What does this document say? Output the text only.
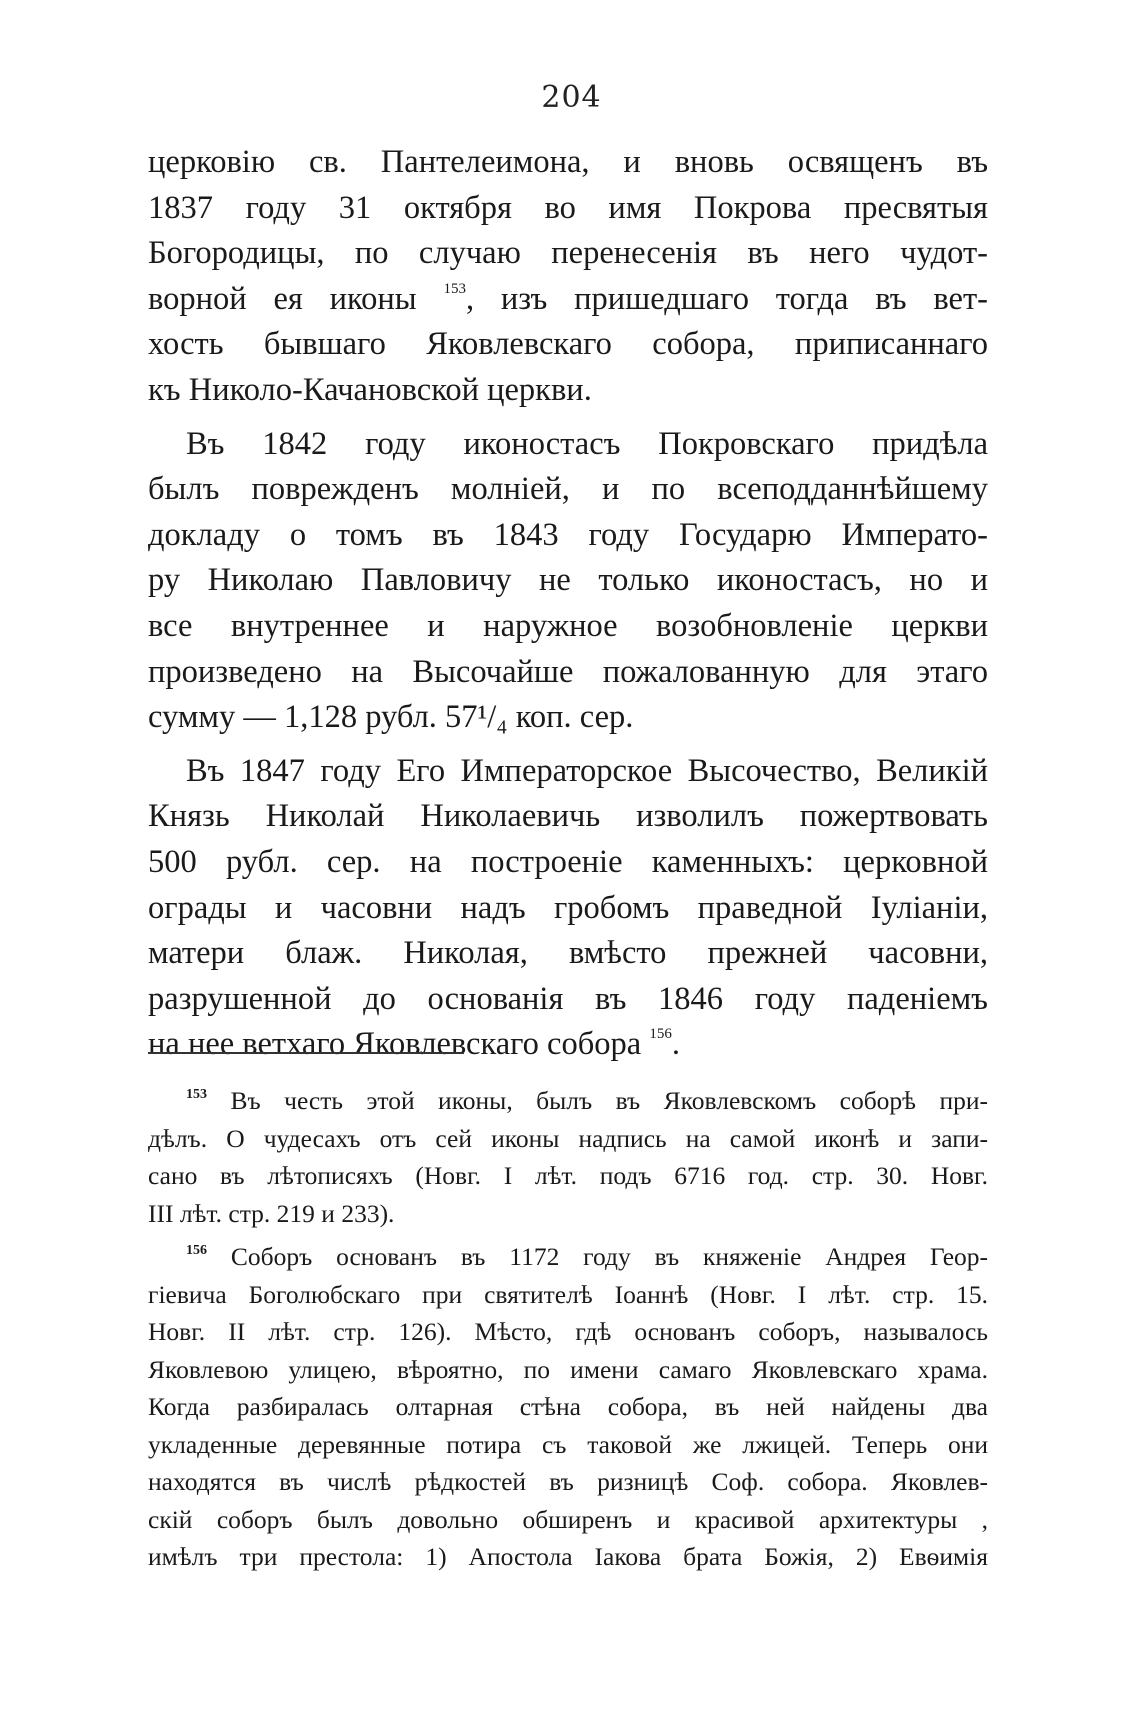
204
церковію св. Пантелеимона, и вновь освященъ въ
1837 году 31 октября во имя Покрова пресвятыя
Богородицы, по случаю перенесенія въ него чудот-
ворной ея иконы $^{153}$, изъ пришедшаго тогда въ вет-
хость бывшаго Яковлевскаго собора, приписаннаго
къ Николо-Качановской церкви.
Въ 1842 году иконостасъ Покровскаго придѣла
былъ поврежденъ молніей, и по всеподданнѣйшему
докладу о томъ въ 1843 году Государю Императо-
ру Николаю Павловичу не только иконостасъ, но и
все внутреннее и наружное возобновленіе церкви
произведено на Высочайше пожалованную для этаго
сумму — 1,128 рубл. 57¹/₄ коп. сер.
Въ 1847 году Его Императорское Высочество, Великій
Князь Николай Николаевичь изволилъ пожертвовать
500 рубл. сер. на построеніе каменныхъ: церковной
ограды и часовни надъ гробомъ праведной Іуліаніи,
матери блаж. Николая, вмѣсто прежней часовни,
разрушенной до основанія въ 1846 году паденіемъ
на нее ветхаго Яковлевскаго собора $^{156}$.
$^{153}$ Въ честь этой иконы, былъ въ Яковлевскомъ соборѣ при-
дѣлъ. О чудесахъ отъ сей иконы надпись на самой иконѣ и запи-
сано въ лѣтописяхъ (Новг. I лѣт. подъ 6716 год. стр. 30. Новг.
III лѣт. стр. 219 и 233).
$^{156}$ Соборъ основанъ въ 1172 году въ княженіе Андрея Геор-
гіевича Боголюбскаго при святителѣ Іоаннѣ (Новг. I лѣт. стр. 15.
Новг. II лѣт. стр. 126). Мѣсто, гдѣ основанъ соборъ, называлось
Яковлевою улицею, вѣроятно, по имени самаго Яковлевскаго храма.
Когда разбиралась олтарная стѣна собора, въ ней найдены два
укладенные деревянные потира съ таковой же лжицей. Теперь они
находятся въ числѣ рѣдкостей въ ризницѣ Соф. собора. Яковлев-
скій соборъ былъ довольно обширенъ и красивой архитектуры ,
имѣлъ три престола: 1) Апостола Іакова брата Божія, 2) Евѳимія
